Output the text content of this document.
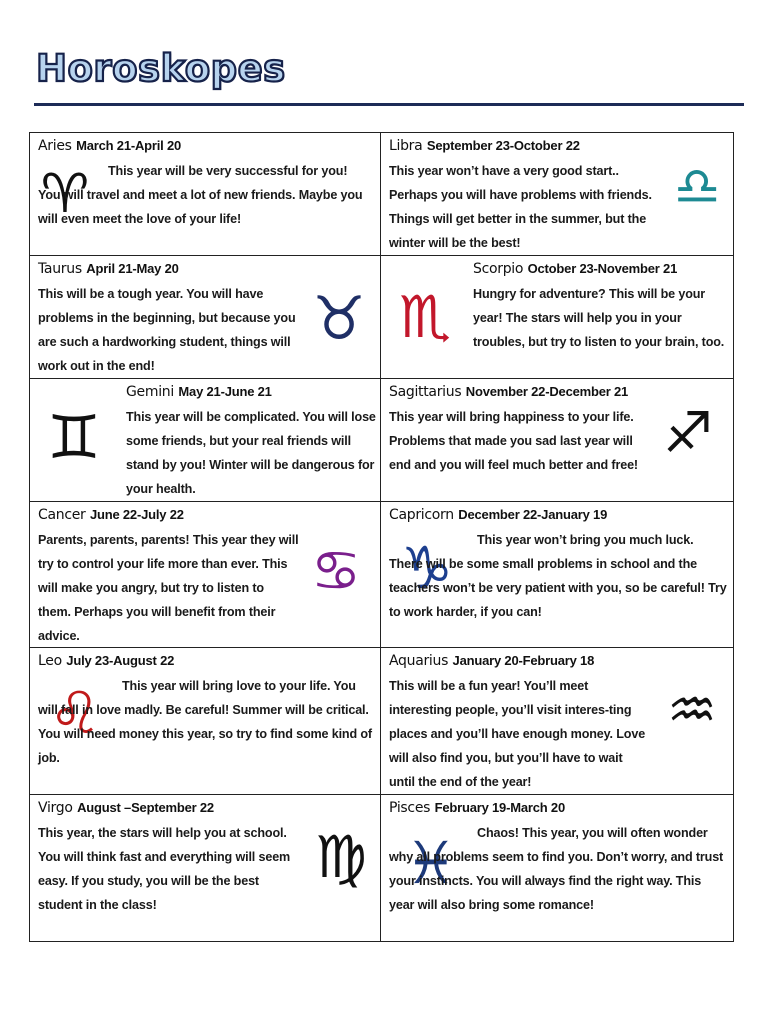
Horoskopes
Aries March 21-April 20
♈	This year will be very successful for you! You will travel and meet a lot of new friends. Maybe you will even meet the love of your life!
Libra September 23-October 22
♎
This year won’t have a very good start.. Perhaps you will have problems with friends. Things will get better in the summer, but the winter will be the best!
Taurus April 21-May 20
This will be a tough year. You will have problems in the beginning, but because you are such a hardworking student, things will work out in the end!
♉ ♏
Scorpio October 23-November 21
Hungry for adventure? This will be your year! The stars will help you in your troubles, but try to listen to your brain, too.
♊
Gemini May 21-June 21
This year will be complicated. You will lose some friends, but your real friends will stand by you! Winter will be dangerous for your health.
Sagittarius November 22-December 21
This year will bring happiness to your life. Problems that made you sad last year will end and you will feel much better and free! ♐
Cancer June 22-July 22
Parents, parents, parents! This year they will try to control your life more than ever. This will make you angry, but try to listen to them. Perhaps you will benefit from their advice.
♋
Capricorn December 22-January 19
♑	This year won’t bring you much luck. There will be some small problems in school and the teachers won’t be very patient with you, so be careful! Try to work harder, if you can!
Leo July 23-August 22
♌	This year will bring love to your life. You will fall in love madly. Be careful! Summer will be critical. You will need money this year, so try to find some kind of job.
Aquarius January 20-February 18
This will be a fun year! You’ll meet interesting people, you’ll visit interes-ting places and you’ll have enough money. Love will also find you, but you’ll have to wait until the end of the year!
♒
Virgo August –September 22
This year, the stars will help you at school. You will think fast and everything will seem easy. If you study, you will be the best student in the class!
♍
Pisces February 19-March 20
♓	Chaos! This year, you will often wonder why all problems seem to find you. Don’t worry, and trust your instincts. You will always find the right way. This year will also bring some romance!
